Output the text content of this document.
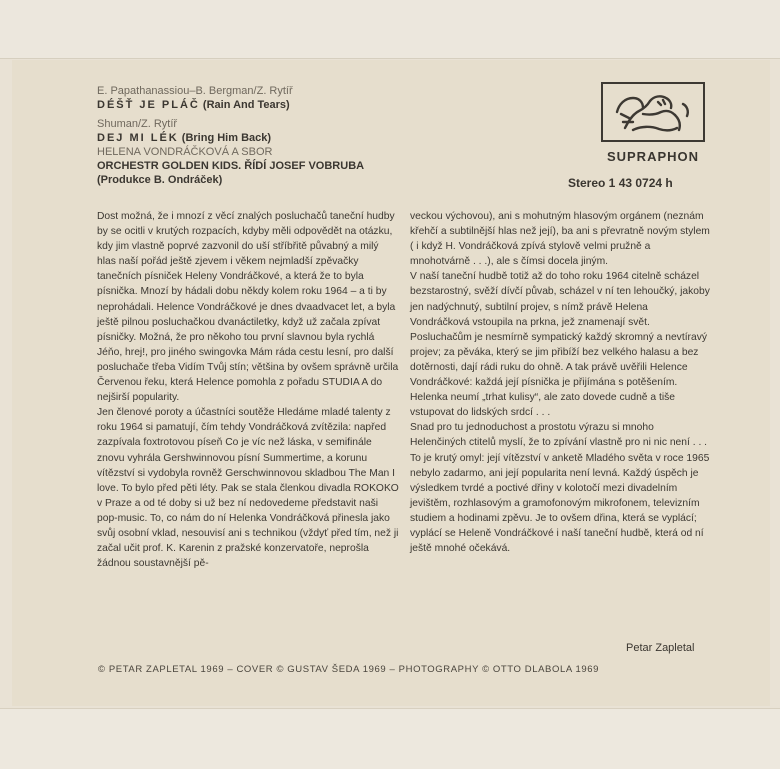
E. Papathanassiou–B. Bergman/Z. Rytíř
DÉŠŤ JE PLÁČ (Rain And Tears)
Shuman/Z. Rytíř
DEJ MI LÉK (Bring Him Back)
HELENA VONDRÁČKOVÁ A SBOR
ORCHESTR GOLDEN KIDS. ŘÍDÍ JOSEF VOBRUBA
(Produkce B. Ondráček)
SUPRAPHON
Stereo 1 43 0724 h

Dost možná, že i mnozí z věcí znalých posluchačů taneční hudby by se ocitli v krutých rozpacích, kdyby měli odpovědět na otázku, kdy jim vlastně poprvé zazvonil do uší stříbřitě půvabný a milý hlas naší pořád ještě zjevem i věkem nejmladší zpěvačky tanečních písniček Heleny Vondráčkové, a která že to byla písnička. Mnozí by hádali dobu někdy kolem roku 1964 – a ti by neprohádali. Helence Vondráčkové je dnes dvaadvacet let, a byla ještě pilnou posluchačkou dvanáctiletky, když už začala zpívat písničky. Možná, že pro někoho tou první slavnou byla rychlá Jéňo, hrej!, pro jiného swingovka Mám ráda cestu lesní, pro další posluchače třeba Vidím Tvůj stín; většina by ovšem správně určila Červenou řeku, která Helence pomohla z pořadu STUDIA A do nejširší popularity.

Jen členové poroty a účastníci soutěže Hledáme mladé talenty z roku 1964 si pamatují, čím tehdy Vondráčková zvítězila: napřed zazpívala foxtrotovou píseň Co je víc než láska, v semifinále znovu vyhrála Gershwinnovou písní Summertime, a korunu vítězství si vydobyla rovněž Gerschwinnovou skladbou The Man I love. To bylo před pěti léty. Pak se stala členkou divadla ROKOKO v Praze a od té doby si už bez ní nedovedeme představit naši pop-music. To, co nám do ní Helenka Vondráčková přinesla jako svůj osobní vklad, nesouvisí ani s technikou (vždyť před tím, než ji začal učit prof. K. Karenin z pražské konzervatoře, neprošla žádnou soustavnější pě-

veckou výchovou), ani s mohutným hlasovým orgánem (neznám křehčí a subtilnější hlas než její), ba ani s převratně novým stylem ( i když H. Vondráčková zpívá stylově velmi pružně a mnohotvárně . . .), ale s čímsi docela jiným.

V naší taneční hudbě totiž až do toho roku 1964 citelně scházel bezstarostný, svěží dívčí půvab, scházel v ní ten lehoučký, jakoby jen nadýchnutý, subtilní projev, s nímž právě Helena Vondráčková vstoupila na prkna, jež znamenají svět. Posluchačům je nesmírně sympatický každý skromný a nevtíravý projev; za pěvákа, který se jim přibíží bez velkého halasu a bez dotěrnosti, dají rádi ruku do ohně. A tak právě uvěřili Helence Vondráčkové: každá její písnička je přijímána s potěšením. Helenka neumí „trhat kulisy“, ale zato dovede cudně a tiše vstupovat do lidských srdcí . . .

Snad pro tu jednoduchost a prostotu výrazu si mnoho Helenčiných ctitelů myslí, že to zpívání vlastně pro ni nic není . . . To je krutý omyl: její vítězství v anketě Mladého světa v roce 1965 nebylo zadarmo, ani její popularita není levná. Každý úspěch je výsledkem tvrdé a poctivé dřiny v kolotočí mezi divadelním jevištěm, rozhlasovým a gramofonovým mikrofonem, televizním studiem a hodinami zpěvu. Je to ovšem dřina, která se vyplácí; vyplácí se Heleně Vondráčkové i naší taneční hudbě, která od ní ještě mnohé očekává.

Petar Zapletal
© PETAR ZAPLETAL 1969 – COVER © GUSTAV ŠEDA 1969 – PHOTOGRAPHY © OTTO DLABOLA 1969
